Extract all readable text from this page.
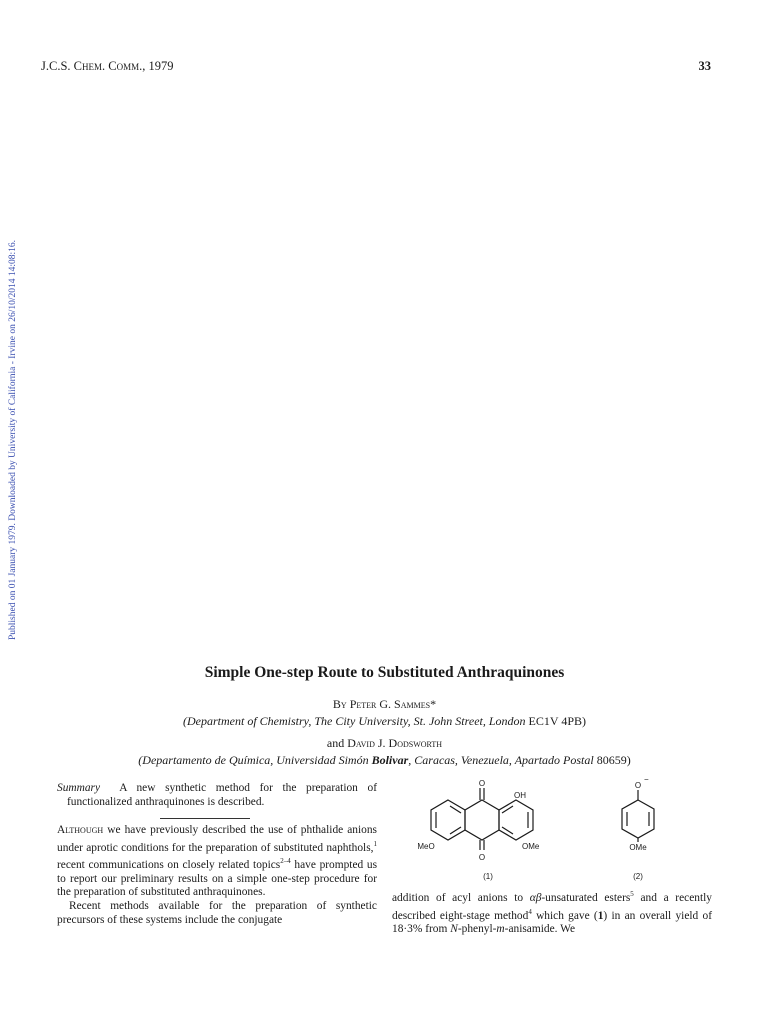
J.C.S. Chem. Comm., 1979	33
Published on 01 January 1979. Downloaded by University of California - Irvine on 26/10/2014 14:08:16.
Simple One-step Route to Substituted Anthraquinones
By Peter G. Sammes*
(Department of Chemistry, The City University, St. John Street, London EC1V 4PB)
and David J. Dodsworth
(Departamento de Química, Universidad Simón Bolivar, Caracas, Venezuela, Apartado Postal 80659)

Summary A new synthetic method for the preparation of functionalized anthraquinones is described.

Although we have previously described the use of phthalide anions under aprotic conditions for the preparation of substituted naphthols,$^1$ recent communications on closely related topics$^{2-4}$ have prompted us to report our preliminary results on a simple one-step procedure for the preparation of substituted anthraquinones.

Recent methods available for the preparation of synthetic precursors of these systems include the conjugate

O
OH
MeO	OMe
O
(1)
O
−
OMe
(2)

addition of acyl anions to αβ-unsaturated esters$^5$ and a recently described eight-stage method$^4$ which gave (1) in an overall yield of 18·3% from N-phenyl-m-anisamide. We
